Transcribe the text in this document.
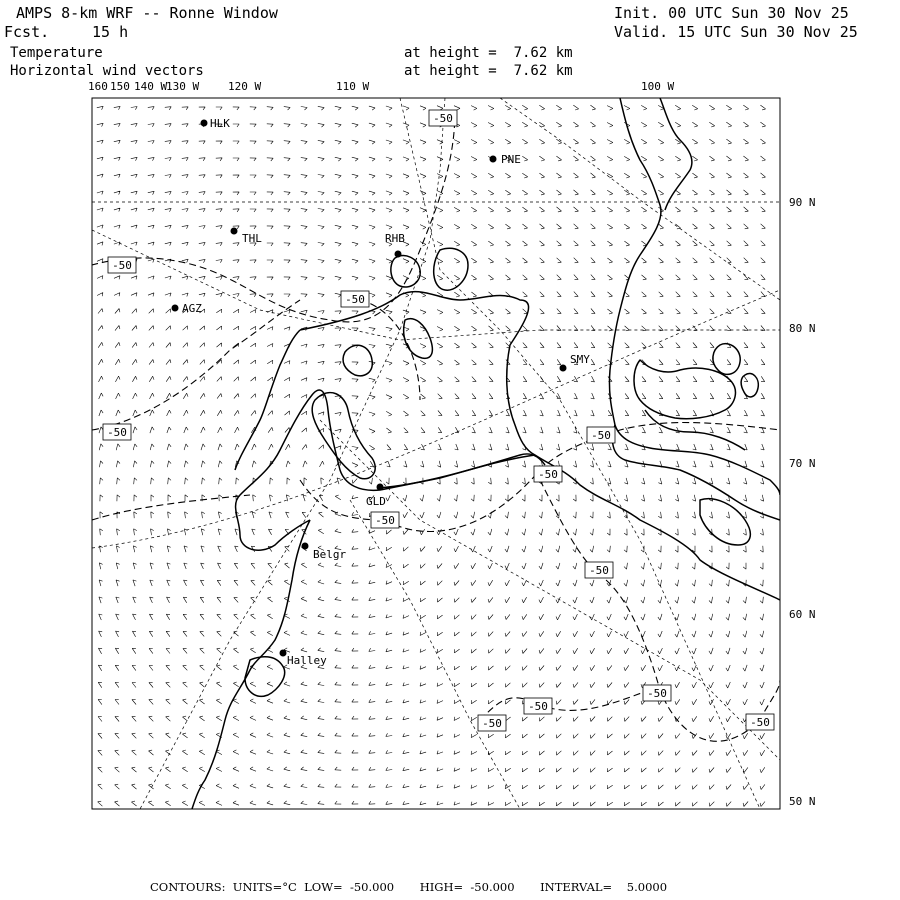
AMPS 8-km WRF -- Ronne Window
Fcst.	15 h
Init. 00 UTC Sun 30 Nov 25
Valid. 15 UTC Sun 30 Nov 25
Temperature
Horizontal wind vectors
at height =  7.62 km
at height =  7.62 km
HLK
PNE
THL	RHB
AGZ
SMY
GLD
Belgr
Halley
-50
-50
-50
-50	-50
-50
-50
-50
-50
-50
-50
-50
160 150 140 W
130 W	120 W	110 W	100 W
90 N
80 N
70 N
60 N
50 N
CONTOURS:  UNITS=°C  LOW=  -50.000       HIGH=  -50.000       INTERVAL=    5.0000
